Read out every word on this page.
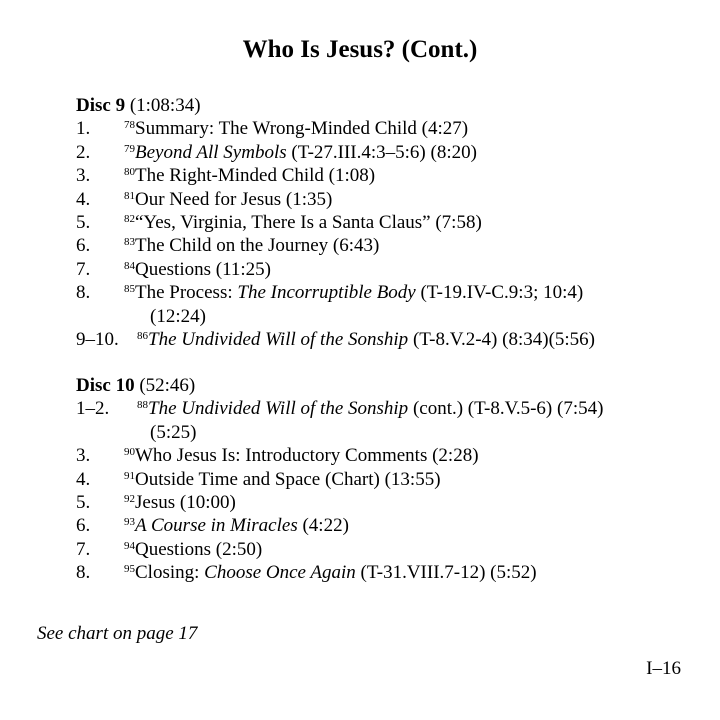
Who Is Jesus? (Cont.)
Disc 9 (1:08:34)
1.	$^{78}$Summary: The Wrong-Minded Child (4:27)
2.	$^{79}$Beyond All Symbols (T-27.III.4:3–5:6) (8:20)
3.	$^{80}$The Right-Minded Child (1:08)
4.	$^{81}$Our Need for Jesus (1:35)
5.	$^{82}$“Yes, Virginia, There Is a Santa Claus” (7:58)
6.	$^{83}$The Child on the Journey (6:43)
7.	$^{84}$Questions (11:25)
8.	$^{85}$The Process: The Incorruptible Body (T-19.IV-C.9:3; 10:4)
(12:24)
9–10. $^{86}$The Undivided Will of the Sonship (T-8.V.2-4) (8:34)(5:56)
Disc 10 (52:46)
1–2.	$^{88}$The Undivided Will of the Sonship (cont.) (T-8.V.5-6) (7:54)
(5:25)
3.	$^{90}$Who Jesus Is: Introductory Comments (2:28)
4.	$^{91}$Outside Time and Space (Chart) (13:55)
5.	$^{92}$Jesus (10:00)
6.	$^{93}$A Course in Miracles (4:22)
7.	$^{94}$Questions (2:50)
8.	$^{95}$Closing: Choose Once Again (T-31.VIII.7-12) (5:52)
See chart on page 17
I–16
